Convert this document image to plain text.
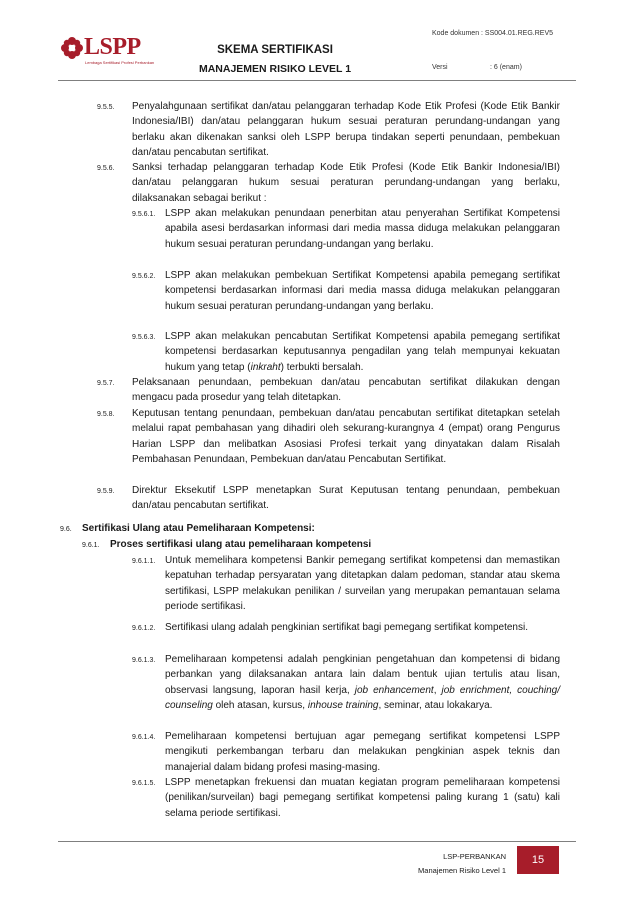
LSPP
Lembaga Sertifikasi Profesi Perbankan
SKEMA SERTIFIKASI
MANAJEMEN RISIKO LEVEL 1
Kode dokumen : SS004.01.REG.REV5
Versi	: 6 (enam)
9.5.5. Penyalahgunaan sertifikat dan/atau pelanggaran terhadap Kode Etik Profesi (Kode Etik Bankir Indonesia/IBI) dan/atau pelanggaran hukum sesuai peraturan perundang-undangan yang berlaku akan dikenakan sanksi oleh LSPP berupa tindakan seperti penundaan, pembekuan dan/atau pencabutan sertifikat.
9.5.6. Sanksi terhadap pelanggaran terhadap Kode Etik Profesi (Kode Etik Bankir Indonesia/IBI) dan/atau pelanggaran hukum sesuai peraturan perundang-undangan yang berlaku, dilaksanakan sebagai berikut :
9.5.6.1. LSPP akan melakukan penundaan penerbitan atau penyerahan Sertifikat Kompetensi apabila asesi berdasarkan informasi dari media massa diduga melakukan pelanggaran hukum sesuai peraturan perundang-undangan yang berlaku.
9.5.6.2. LSPP akan melakukan pembekuan Sertifikat Kompetensi apabila pemegang sertifikat kompetensi berdasarkan informasi dari media massa diduga melakukan pelanggaran hukum sesuai peraturan perundang-undangan yang berlaku.
9.5.6.3. LSPP akan melakukan pencabutan Sertifikat Kompetensi apabila pemegang sertifikat kompetensi berdasarkan keputusannya pengadilan yang telah mempunyai kekuatan hukum yang tetap (inkraht) terbukti bersalah.
9.5.7. Pelaksanaan penundaan, pembekuan dan/atau pencabutan sertifikat dilakukan dengan mengacu pada prosedur yang telah ditetapkan.
9.5.8. Keputusan tentang penundaan, pembekuan dan/atau pencabutan sertifikat ditetapkan setelah melalui rapat pembahasan yang dihadiri oleh sekurang-kurangnya 4 (empat) orang Pengurus Harian LSPP dan melibatkan Asosiasi Profesi terkait yang dinyatakan dalam Risalah Pembahasan Penundaan, Pembekuan dan/atau Pencabutan Sertifikat.
9.5.9. Direktur Eksekutif LSPP menetapkan Surat Keputusan tentang penundaan, pembekuan dan/atau pencabutan sertifikat.
9.6. Sertifikasi Ulang atau Pemeliharaan Kompetensi:
9.6.1. Proses sertifikasi ulang atau pemeliharaan kompetensi
9.6.1.1. Untuk memelihara kompetensi Bankir pemegang sertifikat kompetensi dan memastikan kepatuhan terhadap persyaratan yang ditetapkan dalam pedoman, standar atau skema sertifikasi, LSPP melakukan penilikan / surveilan yang merupakan pemantauan selama periode sertifikasi.
9.6.1.2. Sertifikasi ulang adalah pengkinian sertifikat bagi pemegang sertifikat kompetensi.
9.6.1.3. Pemeliharaan kompetensi adalah pengkinian pengetahuan dan kompetensi di bidang perbankan yang dilaksanakan antara lain dalam bentuk ujian tertulis atau lisan, observasi langsung, laporan hasil kerja, job enhancement, job enrichment, couching/ counseling oleh atasan, kursus, inhouse training, seminar, atau lokakarya.
9.6.1.4. Pemeliharaan kompetensi bertujuan agar pemegang sertifikat kompetensi LSPP mengikuti perkembangan terbaru dan melakukan pengkinian aspek teknis dan manajerial dalam bidang profesi masing-masing.
9.6.1.5. LSPP menetapkan frekuensi dan muatan kegiatan program pemeliharaan kompetensi (penilikan/surveilan) bagi pemegang sertifikat kompetensi paling kurang 1 (satu) kali selama periode sertifikasi.
LSP-PERBANKAN
Manajemen Risiko Level 1
15
